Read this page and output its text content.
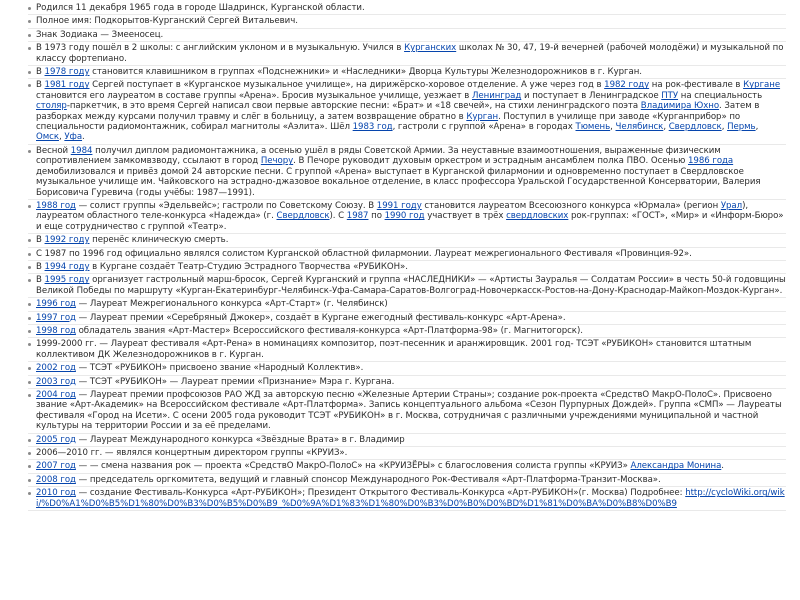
Родился 11 декабря 1965 года в городе Шадринск, Курганской области.
Полное имя: Подкорытов-Курганский Сергей Витальевич.
Знак Зодиака — Змееносец.
В 1973 году пошёл в 2 школы: с английским уклоном и в музыкальную. Учился в Курганских школах № 30, 47, 19-й вечерней (рабочей молодёжи) и музыкальной по классу фортепиано.
В 1978 году становится клавишником в группах «Подснежники» и «Наследники» Дворца Культуры Железнодорожников в г. Курган.
В 1981 году Сергей поступает в «Курганское музыкальное училище», на дирижёрско-хоровое отделение. А уже через год в 1982 году на рок-фестивале в Кургане становится его лауреатом в составе группы «Арена». Бросив музыкальное училище, уезжает в Ленинград и поступает в Ленинградское ПТУ на специальность столяр-паркетчик, в это время Сергей написал свои первые авторские песни: «Брат» и «18 свечей», на стихи ленинградского поэта Владимира Юхно. Затем в разборках между курсами получил травму и слёг в больницу, а затем возвращение обратно в Курган. Поступил в училище при заводе «Курганприбор» по специальности радиомонтажник, собирал магнитолы «Аэлита». Шёл 1983 год, гастроли с группой «Арена» в городах Тюмень, Челябинск, Свердловск, Пермь, Омск, Уфа.
Весной 1984 получил диплом радиомонтажника, а осенью ушёл в ряды Советской Армии. За неуставные взаимоотношения, выраженные физическим сопротивлением замкомвзводу, ссылают в город Печору. В Печоре руководит духовым оркестром и эстрадным ансамблем полка ПВО. Осенью 1986 года демобилизовался и привёз домой 24 авторские песни. С группой «Арена» выступает в Курганской филармонии и одновременно поступает в Свердловское музыкальное училище им. Чайковского на эстрадно-джазовое вокальное отделение, в класс профессора Уральской Государственной Консерватории, Валерия Борисовича Гуревича (годы учёбы: 1987—1991).
1988 год — солист группы «Эдельвейс»; гастроли по Советскому Союзу. В 1991 году становится лауреатом Всесоюзного конкурса «Юрмала» (регион Урал), лауреатом областного теле-конкурса «Надежда» (г. Свердловск). С 1987 по 1990 год участвует в трёх свердловских рок-группах: «ГОСТ», «Мир» и «Информ-Бюро» и еще сотрудничество с группой «Театр».
В 1992 году перенёс клиническую смерть.
С 1987 по 1996 год официально являлся солистом Курганской областной филармонии. Лауреат межрегионального Фестиваля «Провинция-92».
В 1994 году в Кургане создаёт Театр-Студию Эстрадного Творчества «РУБИКОН».
В 1995 году организует гастрольный марш-бросок, Сергей Курганский и группа «НАСЛЕДНИКИ» — «Артисты Зауралья — Солдатам России» в честь 50-й годовщины Великой Победы по маршруту «Курган-Екатеринбург-Челябинск-Уфа-Самара-Саратов-Волгоград-Новочеркасск-Ростов-на-Дону-Краснодар-Майкоп-Моздок-Курган».
1996 год — Лауреат Межрегионального конкурса «Арт-Старт» (г. Челябинск)
1997 год — Лауреат премии «Серебряный Джокер», создаёт в Кургане ежегодный фестиваль-конкурс «Арт-Арена».
1998 год обладатель звания «Арт-Мастер» Всероссийского фестиваля-конкурса «Арт-Платформа-98» (г. Магнитогорск).
1999-2000 гг. — Лауреат фестиваля «Арт-Рена» в номинациях композитор, поэт-песенник и аранжировщик. 2001 год- ТСЭТ «РУБИКОН» становится штатным коллективом ДК Железнодорожников в г. Курган.
2002 год — ТСЭТ «РУБИКОН» присвоено звание «Народный Коллектив».
2003 год — ТСЭТ «РУБИКОН» — Лауреат премии «Признание» Мэра г. Кургана.
2004 год — Лауреат премии профсоюзов РАО ЖД за авторскую песню «Железные Артерии Страны»; создание рок-проекта «СредствО МакрО-ПолоС». Присвоено звание «Арт-Академик» на Всероссийском фестивале «Арт-Платформа». Запись концептуального альбома «Сезон Пурпурных Дождей». Группа «СМП» — Лауреаты фестиваля «Город на Исети». С осени 2005 года руководит ТСЭТ «РУБИКОН» в г. Москва, сотрудничая с различными учреждениями муниципальной и частной культуры на территории России и за её пределами.
2005 год — Лауреат Международного конкурса «Звёздные Врата» в г. Владимир
2006—2010 гг. — являлся концертным директором группы «КРУИЗ».
2007 год — — смена названия рок — проекта «СредствО МакрО-ПолоС» на «КРУИЗЁРЫ» с благословения солиста группы «КРУИЗ» Александра Монина.
2008 год — председатель оргкомитета, ведущий и главный спонсор Международного Рок-Фестиваля «Арт-Платформа-Транзит-Москва».
2010 год — создание Фестиваль-Конкурса «Арт-РУБИКОН»; Президент Открытого Фестиваль-Конкурса «Арт-РУБИКОН»(г. Москва) Подробнее: http://cycloWiki.org/wiki/%D0%A1%D0%B5%D1%80%D0%B3%D0%B5%D0%B9_%D0%9A%D1%83%D1%80%D0%B3%D0%B0%D0%BD%D1%81%D0%BA%D0%B8%D0%B9
